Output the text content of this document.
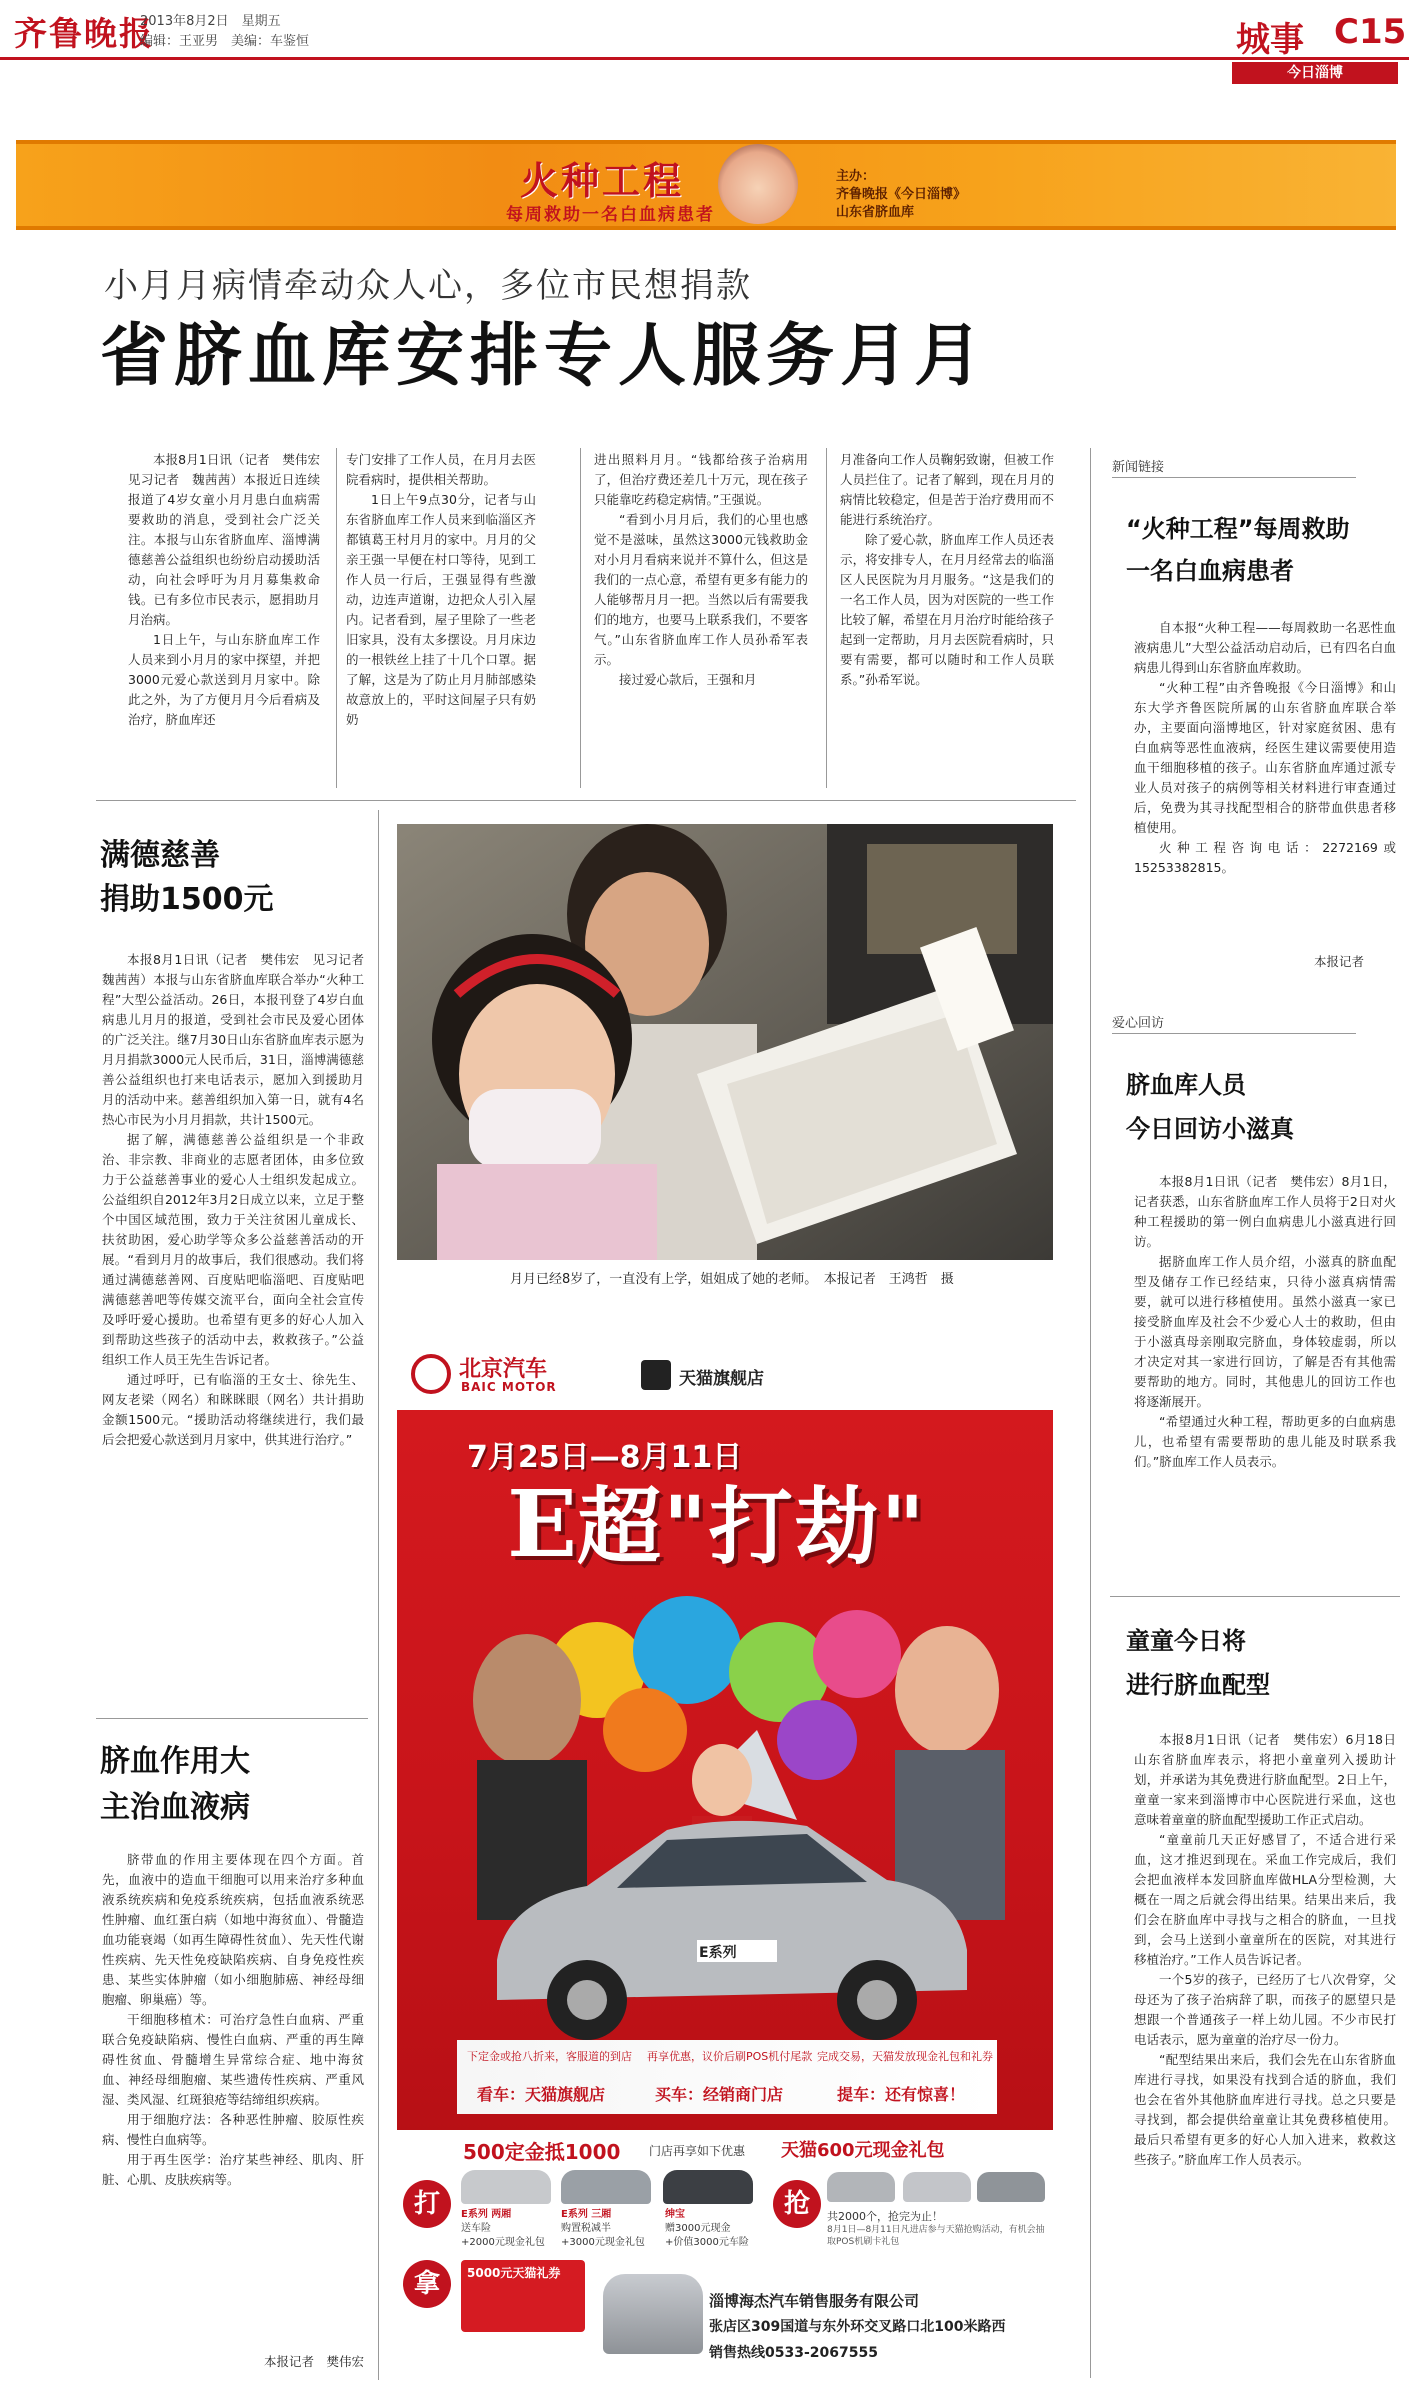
齐鲁晚报
2013年8月2日　星期五
编辑：王亚男　美编：车鉴恒	城事 C15
今日淄博
火种工程
每周救助一名白血病患者
主办：
齐鲁晚报《今日淄博》
山东省脐血库
小月月病情牵动众人心，多位市民想捐款
省脐血库安排专人服务月月

本报8月1日讯（记者　樊伟宏　见习记者　魏茜茜）本报近日连续报道了4岁女童小月月患白血病需要救助的消息，受到社会广泛关注。本报与山东省脐血库、淄博满德慈善公益组织也纷纷启动援助活动，向社会呼吁为月月募集救命钱。已有多位市民表示，愿捐助月月治病。

1日上午，与山东脐血库工作人员来到小月月的家中探望，并把3000元爱心款送到月月家中。除此之外，为了方便月月今后看病及治疗，脐血库还

专门安排了工作人员，在月月去医院看病时，提供相关帮助。

1日上午9点30分，记者与山东省脐血库工作人员来到临淄区齐都镇葛王村月月的家中。月月的父亲王强一早便在村口等待，见到工作人员一行后，王强显得有些激动，边连声道谢，边把众人引入屋内。记者看到，屋子里除了一些老旧家具，没有太多摆设。月月床边的一根铁丝上挂了十几个口罩。据了解，这是为了防止月月肺部感染故意放上的，平时这间屋子只有奶奶

进出照料月月。“钱都给孩子治病用了，但治疗费还差几十万元，现在孩子只能靠吃药稳定病情。”王强说。

“看到小月月后，我们的心里也感觉不是滋味，虽然这3000元钱救助金对小月月看病来说并不算什么，但这是我们的一点心意，希望有更多有能力的人能够帮月月一把。当然以后有需要我们的地方，也要马上联系我们，不要客气。”山东省脐血库工作人员孙希军表示。

接过爱心款后，王强和月

月准备向工作人员鞠躬致谢，但被工作人员拦住了。记者了解到，现在月月的病情比较稳定，但是苦于治疗费用而不能进行系统治疗。

除了爱心款，脐血库工作人员还表示，将安排专人，在月月经常去的临淄区人民医院为月月服务。“这是我们的一名工作人员，因为对医院的一些工作比较了解，希望在月月治疗时能给孩子起到一定帮助，月月去医院看病时，只要有需要，都可以随时和工作人员联系。”孙希军说。

满德慈善
捐助1500元

本报8月1日讯（记者　樊伟宏　见习记者　魏茜茜）本报与山东省脐血库联合举办“火种工程”大型公益活动。26日，本报刊登了4岁白血病患儿月月的报道，受到社会市民及爱心团体的广泛关注。继7月30日山东省脐血库表示愿为月月捐款3000元人民币后，31日，淄博满德慈善公益组织也打来电话表示，愿加入到援助月月的活动中来。慈善组织加入第一日，就有4名热心市民为小月月捐款，共计1500元。

据了解，满德慈善公益组织是一个非政治、非宗教、非商业的志愿者团体，由多位致力于公益慈善事业的爱心人士组织发起成立。公益组织自2012年3月2日成立以来，立足于整个中国区域范围，致力于关注贫困儿童成长、扶贫助困，爱心助学等众多公益慈善活动的开展。“看到月月的故事后，我们很感动。我们将通过满德慈善网、百度贴吧临淄吧、百度贴吧满德慈善吧等传媒交流平台，面向全社会宣传及呼吁爱心援助。也希望有更多的好心人加入到帮助这些孩子的活动中去，救救孩子。”公益组织工作人员王先生告诉记者。

通过呼吁，已有临淄的王女士、徐先生、网友老梁（网名）和眯眯眼（网名）共计捐助金额1500元。“援助活动将继续进行，我们最后会把爱心款送到月月家中，供其进行治疗。”

脐血作用大
主治血液病

脐带血的作用主要体现在四个方面。首先，血液中的造血干细胞可以用来治疗多种血液系统疾病和免疫系统疾病，包括血液系统恶性肿瘤、血红蛋白病（如地中海贫血）、骨髓造血功能衰竭（如再生障碍性贫血）、先天性代谢性疾病、先天性免疫缺陷疾病、自身免疫性疾患、某些实体肿瘤（如小细胞肺癌、神经母细胞瘤、卵巢癌）等。

干细胞移植术：可治疗急性白血病、严重联合免疫缺陷病、慢性白血病、严重的再生障碍性贫血、骨髓增生异常综合症、地中海贫血、神经母细胞瘤、某些遗传性疾病、严重风湿、类风湿、红斑狼疮等结缔组织疾病。

用于细胞疗法：各种恶性肿瘤、胶原性疾病、慢性白血病等。

用于再生医学：治疗某些神经、肌肉、肝脏、心肌、皮肤疾病等。

本报记者　樊伟宏
月月已经8岁了，一直没有上学，姐姐成了她的老师。　本报记者　王鸿哲　摄
北京汽车
BAIC MOTOR	天猫旗舰店
7月25日—8月11日
E 超"打劫"
E系列
下定金或抢八折来，客服道的到店
看车：天猫旗舰店
再享优惠，议价后刷POS机付尾款
买车：经销商门店
完成交易，天猫发放现金礼包和礼券
提车：还有惊喜！
500定金抵1000 门店再享如下优惠 天猫600元现金礼包
打	抢
E系列 两厢
送车险
+2000元现金礼包
E系列 三厢
购置税减半
+3000元现金礼包
绅宝
赠3000元现金
+价值3000元车险
共2000个，抢完为止！
8月1日—8月11日凡进店参与天猫抢购活动，有机会抽取POS机刷卡礼包
拿	5000元天猫礼券
淄博海杰汽车销售服务有限公司
张店区309国道与东外环交叉路口北100米路西
销售热线0533-2067555
新闻链接
“火种工程”每周救助
一名白血病患者

自本报“火种工程——每周救助一名恶性血液病患儿”大型公益活动启动后，已有四名白血病患儿得到山东省脐血库救助。

“火种工程”由齐鲁晚报《今日淄博》和山东大学齐鲁医院所属的山东省脐血库联合举办，主要面向淄博地区，针对家庭贫困、患有白血病等恶性血液病，经医生建议需要使用造血干细胞移植的孩子。山东省脐血库通过派专业人员对孩子的病例等相关材料进行审查通过后，免费为其寻找配型相合的脐带血供患者移植使用。

火种工程咨询电话：2272169或15253382815。

本报记者
爱心回访
脐血库人员
今日回访小滋真

本报8月1日讯（记者　樊伟宏）8月1日，记者获悉，山东省脐血库工作人员将于2日对火种工程援助的第一例白血病患儿小滋真进行回访。

据脐血库工作人员介绍，小滋真的脐血配型及储存工作已经结束，只待小滋真病情需要，就可以进行移植使用。虽然小滋真一家已接受脐血库及社会不少爱心人士的救助，但由于小滋真母亲刚取完脐血，身体较虚弱，所以才决定对其一家进行回访，了解是否有其他需要帮助的地方。同时，其他患儿的回访工作也将逐渐展开。

“希望通过火种工程，帮助更多的白血病患儿，也希望有需要帮助的患儿能及时联系我们。”脐血库工作人员表示。

童童今日将
进行脐血配型

本报8月1日讯（记者　樊伟宏）6月18日山东省脐血库表示，将把小童童列入援助计划，并承诺为其免费进行脐血配型。2日上午，童童一家来到淄博市中心医院进行采血，这也意味着童童的脐血配型援助工作正式启动。

“童童前几天正好感冒了，不适合进行采血，这才推迟到现在。采血工作完成后，我们会把血液样本发回脐血库做HLA分型检测，大概在一周之后就会得出结果。结果出来后，我们会在脐血库中寻找与之相合的脐血，一旦找到，会马上送到小童童所在的医院，对其进行移植治疗。”工作人员告诉记者。

一个5岁的孩子，已经历了七八次骨穿，父母还为了孩子治病辞了职，而孩子的愿望只是想跟一个普通孩子一样上幼儿园。不少市民打电话表示，愿为童童的治疗尽一份力。

“配型结果出来后，我们会先在山东省脐血库进行寻找，如果没有找到合适的脐血，我们也会在省外其他脐血库进行寻找。总之只要是寻找到，都会提供给童童让其免费移植使用。最后只希望有更多的好心人加入进来，救救这些孩子。”脐血库工作人员表示。
